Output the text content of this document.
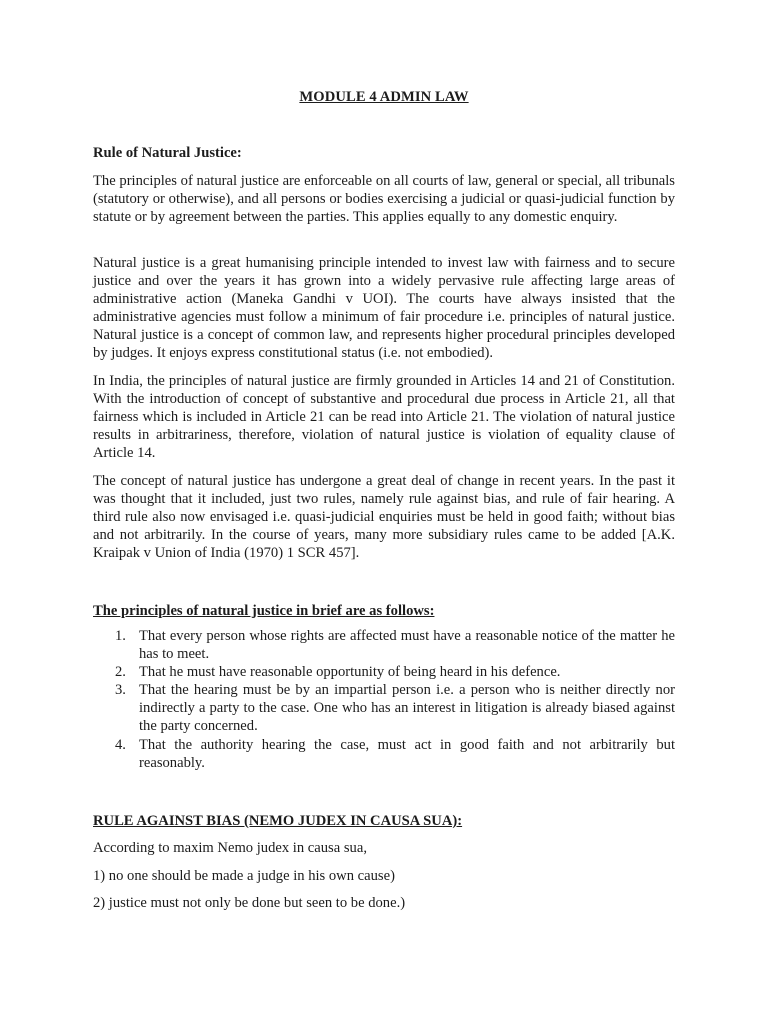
MODULE 4 ADMIN LAW

Rule of Natural Justice:

The principles of natural justice are enforceable on all courts of law, general or special, all tribunals (statutory or otherwise), and all persons or bodies exercising a judicial or quasi-judicial function by statute or by agreement between the parties. This applies equally to any domestic enquiry.

Natural justice is a great humanising principle intended to invest law with fairness and to secure justice and over the years it has grown into a widely pervasive rule affecting large areas of administrative action (Maneka Gandhi v UOI). The courts have always insisted that the administrative agencies must follow a minimum of fair procedure i.e. principles of natural justice. Natural justice is a concept of common law, and represents higher procedural principles developed by judges. It enjoys express constitutional status (i.e. not embodied).

In India, the principles of natural justice are firmly grounded in Articles 14 and 21 of Constitution. With the introduction of concept of substantive and procedural due process in Article 21, all that fairness which is included in Article 21 can be read into Article 21. The violation of natural justice results in arbitrariness, therefore, violation of natural justice is violation of equality clause of Article 14.

The concept of natural justice has undergone a great deal of change in recent years. In the past it was thought that it included, just two rules, namely rule against bias, and rule of fair hearing. A third rule also now envisaged i.e. quasi-judicial enquiries must be held in good faith; without bias and not arbitrarily. In the course of years, many more subsidiary rules came to be added [A.K. Kraipak v Union of India (1970) 1 SCR 457].

The principles of natural justice in brief are as follows:

1. That every person whose rights are affected must have a reasonable notice of the matter he has to meet.
2. That he must have reasonable opportunity of being heard in his defence.
3. That the hearing must be by an impartial person i.e. a person who is neither directly nor indirectly a party to the case. One who has an interest in litigation is already biased against the party concerned.
4. That the authority hearing the case, must act in good faith and not arbitrarily but reasonably.

RULE AGAINST BIAS (NEMO JUDEX IN CAUSA SUA):

According to maxim Nemo judex in causa sua,

1) no one should be made a judge in his own cause)

2) justice must not only be done but seen to be done.)
